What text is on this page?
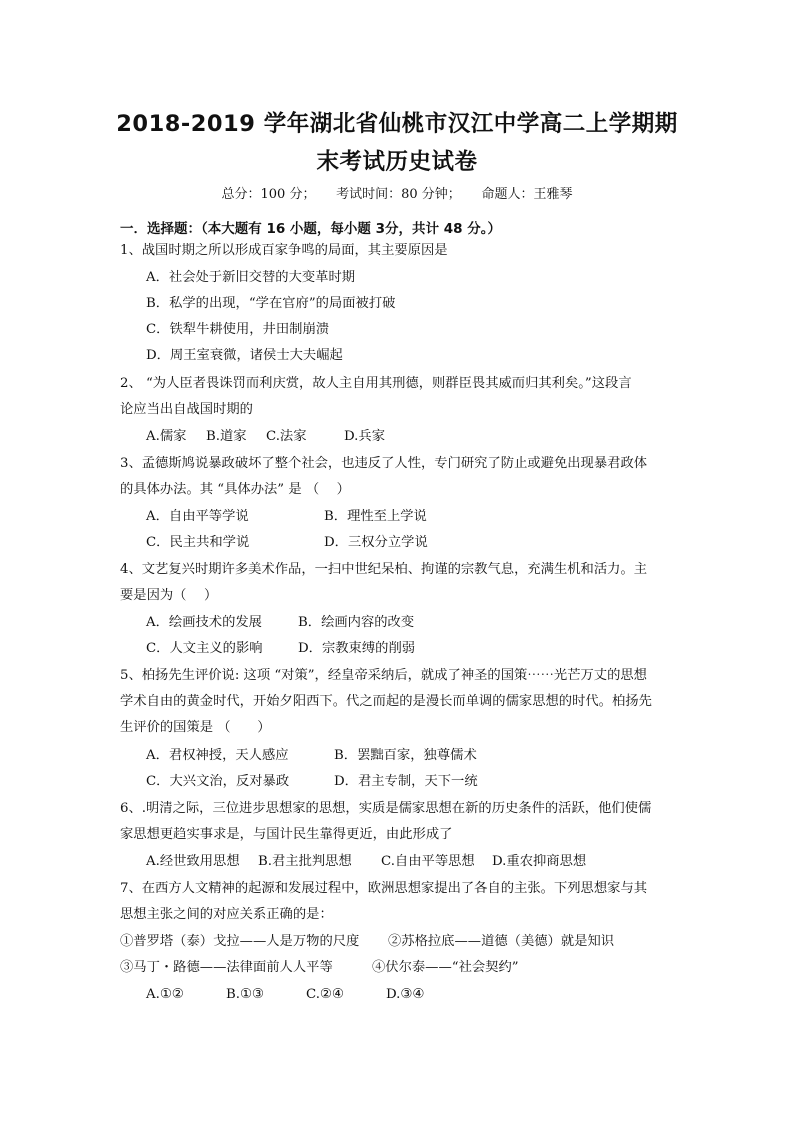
2018-2019 学年湖北省仙桃市汉江中学高二上学期期
末考试历史试卷
总分：100 分； 考试时间：80 分钟； 命题人：王雅琴
一．选择题：（本大题有 16 小题，每小题 3分，共计 48 分。）
1、战国时期之所以形成百家争鸣的局面，其主要原因是
A．社会处于新旧交替的大变革时期
B．私学的出现，“学在官府”的局面被打破
C．铁犁牛耕使用，井田制崩溃
D．周王室衰微，诸侯士大夫崛起
2、 “为人臣者畏诛罚而利庆赏，故人主自用其刑德，则群臣畏其威而归其利矣。”这段言
论应当出自战国时期的
A.儒家 B.道家 C.法家	D.兵家
3、孟德斯鸠说暴政破坏了整个社会，也违反了人性，专门研究了防止或避免出现暴君政体
的具体办法。其 “具体办法” 是 （　 ）
A．自由平等学说	B．理性至上学说
C．民主共和学说	D．三权分立学说
4、文艺复兴时期许多美术作品，一扫中世纪呆柏、拘谨的宗教气息，充满生机和活力。主
要是因为（　 ）
A．绘画技术的发展	B．绘画内容的改变
C．人文主义的影响	D．宗教束缚的削弱
5、柏扬先生评价说: 这项 “对策”，经皇帝采纳后，就成了神圣的国策⋯⋯光芒万丈的思想
学术自由的黄金时代，开始夕阳西下。代之而起的是漫长而单调的儒家思想的时代。柏扬先
生评价的国策是 （　　）
A．君权神授，天人感应	B．罢黜百家，独尊儒术
C．大兴文治，反对暴政	D．君主专制，天下一统
6、.明清之际，三位进步思想家的思想，实质是儒家思想在新的历史条件的活跃，他们使儒
家思想更趋实事求是，与国计民生靠得更近，由此形成了
A.经世致用思想 B.君主批判思想 C.自由平等思想 D.重农抑商思想
7、在西方人文精神的起源和发展过程中，欧洲思想家提出了各自的主张。下列思想家与其
思想主张之间的对应关系正确的是：
①普罗塔（泰）戈拉——人是万物的尺度 ②苏格拉底——道德（美德）就是知识
③马丁・路德——法律面前人人平等	④伏尔泰——“社会契约”
A.①②	B.①③	C.②④	D.③④
